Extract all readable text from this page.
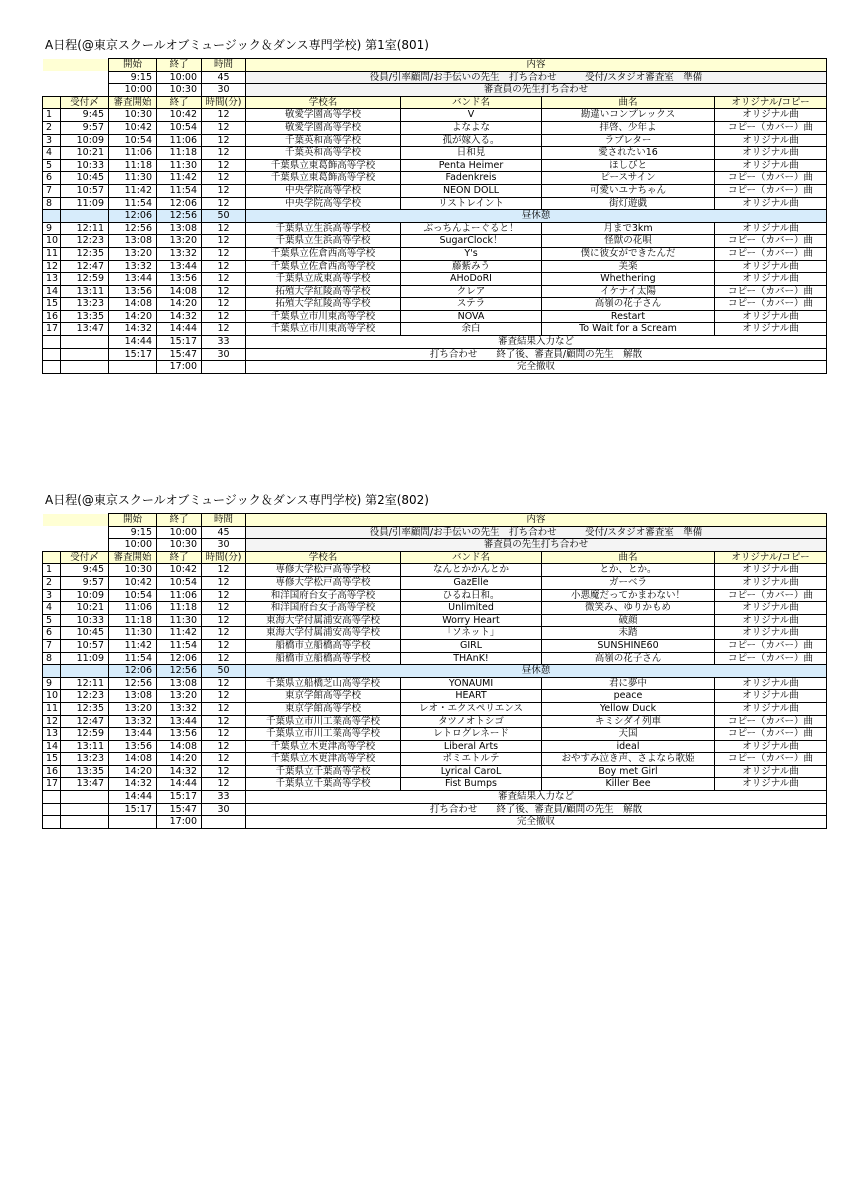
A日程(@東京スクールオブミュージック＆ダンス専門学校) 第1室(801)
		開始	終了	時間	内容			
		9:15	10:00	45	役員/引率顧問/お手伝いの先生　打ち合わせ　　　受付/スタジオ審査室　準備			
		10:00	10:30	30	審査員の先生打ち合わせ			
	受付〆	審査開始	終了	時間(分)	学校名	バンド名	曲名	オリジナル/コピー
1	9:45	10:30	10:42	12	敬愛学園高等学校	V	勘違いコンプレックス	オリジナル曲
2	9:57	10:42	10:54	12	敬愛学園高等学校	よなよな	拝啓、少年よ	コピー（カバー）曲
3	10:09	10:54	11:06	12	千葉英和高等学校	孤が嫁入る。	ラブレター	オリジナル曲
4	10:21	11:06	11:18	12	千葉英和高等学校	日和見	愛されたい16	オリジナル曲
5	10:33	11:18	11:30	12	千葉県立東葛飾高等学校	Penta Heimer	ほしびと	オリジナル曲
6	10:45	11:30	11:42	12	千葉県立東葛飾高等学校	Fadenkreis	ピースサイン	コピー（カバー）曲
7	10:57	11:42	11:54	12	中央学院高等学校	NEON DOLL	可愛いユナちゃん	コピー（カバー）曲
8	11:09	11:54	12:06	12	中央学院高等学校	リストレイント	街灯遊戯	オリジナル曲
		12:06	12:56	50	昼休憩			
9	12:11	12:56	13:08	12	千葉県立生浜高等学校	ぶっちんよーぐると！	月まで3km	オリジナル曲
10	12:23	13:08	13:20	12	千葉県立生浜高等学校	SugarClock！	怪獣の花唄	コピー（カバー）曲
11	12:35	13:20	13:32	12	千葉県立佐倉西高等学校	Y's	僕に彼女ができたんだ	コピー（カバー）曲
12	12:47	13:32	13:44	12	千葉県立佐倉西高等学校	藤紫みう	美楽	オリジナル曲
13	12:59	13:44	13:56	12	千葉県立成東高等学校	AHoDoRI	Whethering	オリジナル曲
14	13:11	13:56	14:08	12	拓殖大学紅陵高等学校	クレア	イケナイ太陽	コピー（カバー）曲
15	13:23	14:08	14:20	12	拓殖大学紅陵高等学校	ステラ	高嶺の花子さん	コピー（カバー）曲
16	13:35	14:20	14:32	12	千葉県立市川東高等学校	NOVA	Restart	オリジナル曲
17	13:47	14:32	14:44	12	千葉県立市川東高等学校	余白	To Wait for a Scream	オリジナル曲
		14:44	15:17	33	審査結果入力など			
		15:17	15:47	30	打ち合わせ　　終了後、審査員/顧問の先生　解散			
			17:00		完全撤収			
A日程(@東京スクールオブミュージック＆ダンス専門学校) 第2室(802)
		開始	終了	時間	内容			
		9:15	10:00	45	役員/引率顧問/お手伝いの先生　打ち合わせ　　　受付/スタジオ審査室　準備			
		10:00	10:30	30	審査員の先生打ち合わせ			
	受付〆	審査開始	終了	時間(分)	学校名	バンド名	曲名	オリジナル/コピー
1	9:45	10:30	10:42	12	専修大学松戸高等学校	なんとかかんとか	とか、とか。	オリジナル曲
2	9:57	10:42	10:54	12	専修大学松戸高等学校	GazElle	ガーベラ	オリジナル曲
3	10:09	10:54	11:06	12	和洋国府台女子高等学校	ひるね日和。	小悪魔だってかまわない！	コピー（カバー）曲
4	10:21	11:06	11:18	12	和洋国府台女子高等学校	Unlimited	微笑み、ゆりかもめ	オリジナル曲
5	10:33	11:18	11:30	12	東海大学付属浦安高等学校	Worry Heart	破顔	オリジナル曲
6	10:45	11:30	11:42	12	東海大学付属浦安高等学校	「ソネット」	未踏	オリジナル曲
7	10:57	11:42	11:54	12	船橋市立船橋高等学校	GIRL	SUNSHINE60	コピー（カバー）曲
8	11:09	11:54	12:06	12	船橋市立船橋高等学校	THAnK!	高嶺の花子さん	コピー（カバー）曲
		12:06	12:56	50	昼休憩			
9	12:11	12:56	13:08	12	千葉県立船橋芝山高等学校	YONAUMI	君に夢中	オリジナル曲
10	12:23	13:08	13:20	12	東京学館高等学校	HEART	peace	オリジナル曲
11	12:35	13:20	13:32	12	東京学館高等学校	レオ・エクスペリエンス	Yellow Duck	オリジナル曲
12	12:47	13:32	13:44	12	千葉県立市川工業高等学校	タツノオトシゴ	キミシダイ列車	コピー（カバー）曲
13	12:59	13:44	13:56	12	千葉県立市川工業高等学校	レトログレネード	天国	コピー（カバー）曲
14	13:11	13:56	14:08	12	千葉県立木更津高等学校	Liberal Arts	ideal	オリジナル曲
15	13:23	14:08	14:20	12	千葉県立木更津高等学校	ポミエトルテ	おやすみ泣き声、さよなら歌姫	コピー（カバー）曲
16	13:35	14:20	14:32	12	千葉県立千葉高等学校	Lyrical CaroL	Boy met Girl	オリジナル曲
17	13:47	14:32	14:44	12	千葉県立千葉高等学校	Fist Bumps	Killer Bee	オリジナル曲
		14:44	15:17	33	審査結果入力など			
		15:17	15:47	30	打ち合わせ　　終了後、審査員/顧問の先生　解散			
			17:00		完全撤収			
